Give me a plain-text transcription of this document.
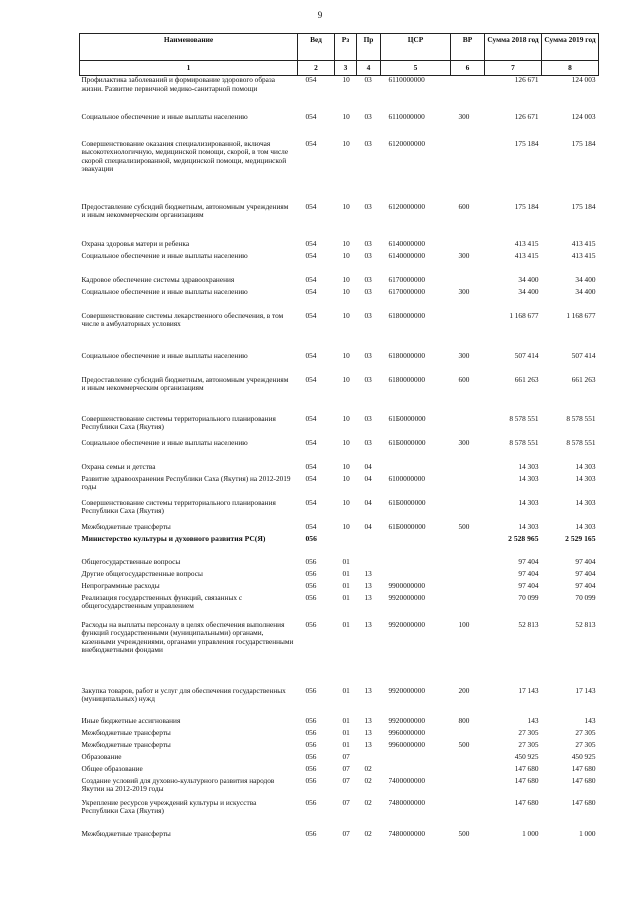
9
Наименование	Вед	Рз	Пр	ЦСР	ВР	Сумма 2018 год	Сумма 2019 год
1	2	3	4	5	6	7	8
Профилактика заболеваний и формирование здорового образа жизни. Развитие первичной медико-санитарной помощи	054	10	03	6110000000		126 671	124 003
Социальное обеспечение и иные выплаты населению	054	10	03	6110000000	300	126 671	124 003
Совершенствование оказания специализированной, включая высокотехнологичную, медицинской помощи, скорой, в том числе скорой специализированной, медицинской помощи, медицинской эвакуации	054	10	03	6120000000		175 184	175 184
Предоставление субсидий бюджетным, автономным учреждениям и иным некоммерческим организациям	054	10	03	6120000000	600	175 184	175 184
Охрана здоровья матери и ребенка	054	10	03	6140000000		413 415	413 415
Социальное обеспечение и иные выплаты населению	054	10	03	6140000000	300	413 415	413 415
Кадровое обеспечение системы здравоохранения	054	10	03	6170000000		34 400	34 400
Социальное обеспечение и иные выплаты населению	054	10	03	6170000000	300	34 400	34 400
Совершенствование системы лекарственного обеспечения, в том числе в амбулаторных условиях	054	10	03	6180000000		1 168 677	1 168 677
Социальное обеспечение и иные выплаты населению	054	10	03	6180000000	300	507 414	507 414
Предоставление субсидий бюджетным, автономным учреждениям и иным некоммерческим организациям	054	10	03	6180000000	600	661 263	661 263
Совершенствование системы территориального планирования Республики Саха (Якутия)	054	10	03	61Б0000000		8 578 551	8 578 551
Социальное обеспечение и иные выплаты населению	054	10	03	61Б0000000	300	8 578 551	8 578 551
Охрана семьи и детства	054	10	04			14 303	14 303
Развитие здравоохранения Республики Саха (Якутия) на 2012-2019 годы	054	10	04	6100000000		14 303	14 303
Совершенствование системы территориального планирования Республики Саха (Якутия)	054	10	04	61Б0000000		14 303	14 303
Межбюджетные трансферты	054	10	04	61Б0000000	500	14 303	14 303
Министерство культуры и духовного развития РС(Я)	056					2 528 965	2 529 165
Общегосударственные вопросы	056	01				97 404	97 404
Другие общегосударственные вопросы	056	01	13			97 404	97 404
Непрограммные расходы	056	01	13	9900000000		97 404	97 404
Реализация государственных функций, связанных с общегосударственным управлением	056	01	13	9920000000		70 099	70 099
Расходы на выплаты персоналу в целях обеспечения выполнения функций государственными (муниципальными) органами, казенными учреждениями, органами управления государственными внебюджетными фондами	056	01	13	9920000000	100	52 813	52 813
Закупка товаров, работ и услуг для обеспечения государственных (муниципальных) нужд	056	01	13	9920000000	200	17 143	17 143
Иные бюджетные ассигнования	056	01	13	9920000000	800	143	143
Межбюджетные трансферты	056	01	13	9960000000		27 305	27 305
Межбюджетные трансферты	056	01	13	9960000000	500	27 305	27 305
Образование	056	07				450 925	450 925
Общее образование	056	07	02			147 680	147 680
Создание условий для духовно-культурного развития народов Якутии на 2012-2019 годы	056	07	02	7400000000		147 680	147 680
Укрепление ресурсов учреждений культуры и искусства Республики Саха (Якутия)	056	07	02	7480000000		147 680	147 680
Межбюджетные трансферты	056	07	02	7480000000	500	1 000	1 000
